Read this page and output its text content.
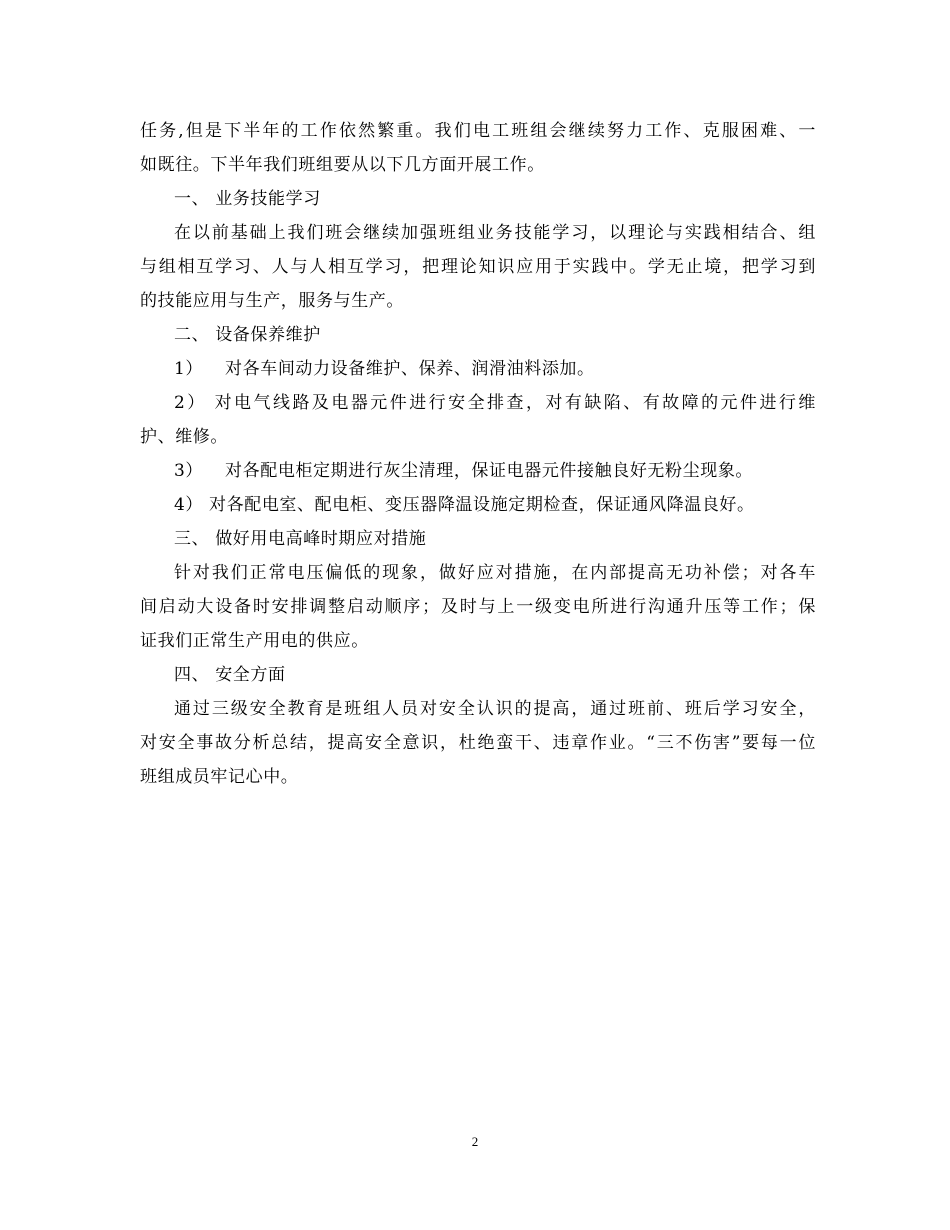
任务,但是下半年的工作依然繁重。我们电工班组会继续努力工作、克服困难、一
如既往。下半年我们班组要从以下几方面开展工作。
一、 业务技能学习
在以前基础上我们班会继续加强班组业务技能学习，以理论与实践相结合、组
与组相互学习、人与人相互学习，把理论知识应用于实践中。学无止境，把学习到
的技能应用与生产，服务与生产。
二、 设备保养维护
1） 对各车间动力设备维护、保养、润滑油料添加。
2） 对电气线路及电器元件进行安全排查，对有缺陷、有故障的元件进行维
护、维修。
3） 对各配电柜定期进行灰尘清理，保证电器元件接触良好无粉尘现象。
4） 对各配电室、配电柜、变压器降温设施定期检查，保证通风降温良好。
三、 做好用电高峰时期应对措施
针对我们正常电压偏低的现象，做好应对措施，在内部提高无功补偿；对各车
间启动大设备时安排调整启动顺序；及时与上一级变电所进行沟通升压等工作；保
证我们正常生产用电的供应。
四、 安全方面
通过三级安全教育是班组人员对安全认识的提高，通过班前、班后学习安全，
对安全事故分析总结，提高安全意识，杜绝蛮干、违章作业。“三不伤害”要每一位
班组成员牢记心中。
2
